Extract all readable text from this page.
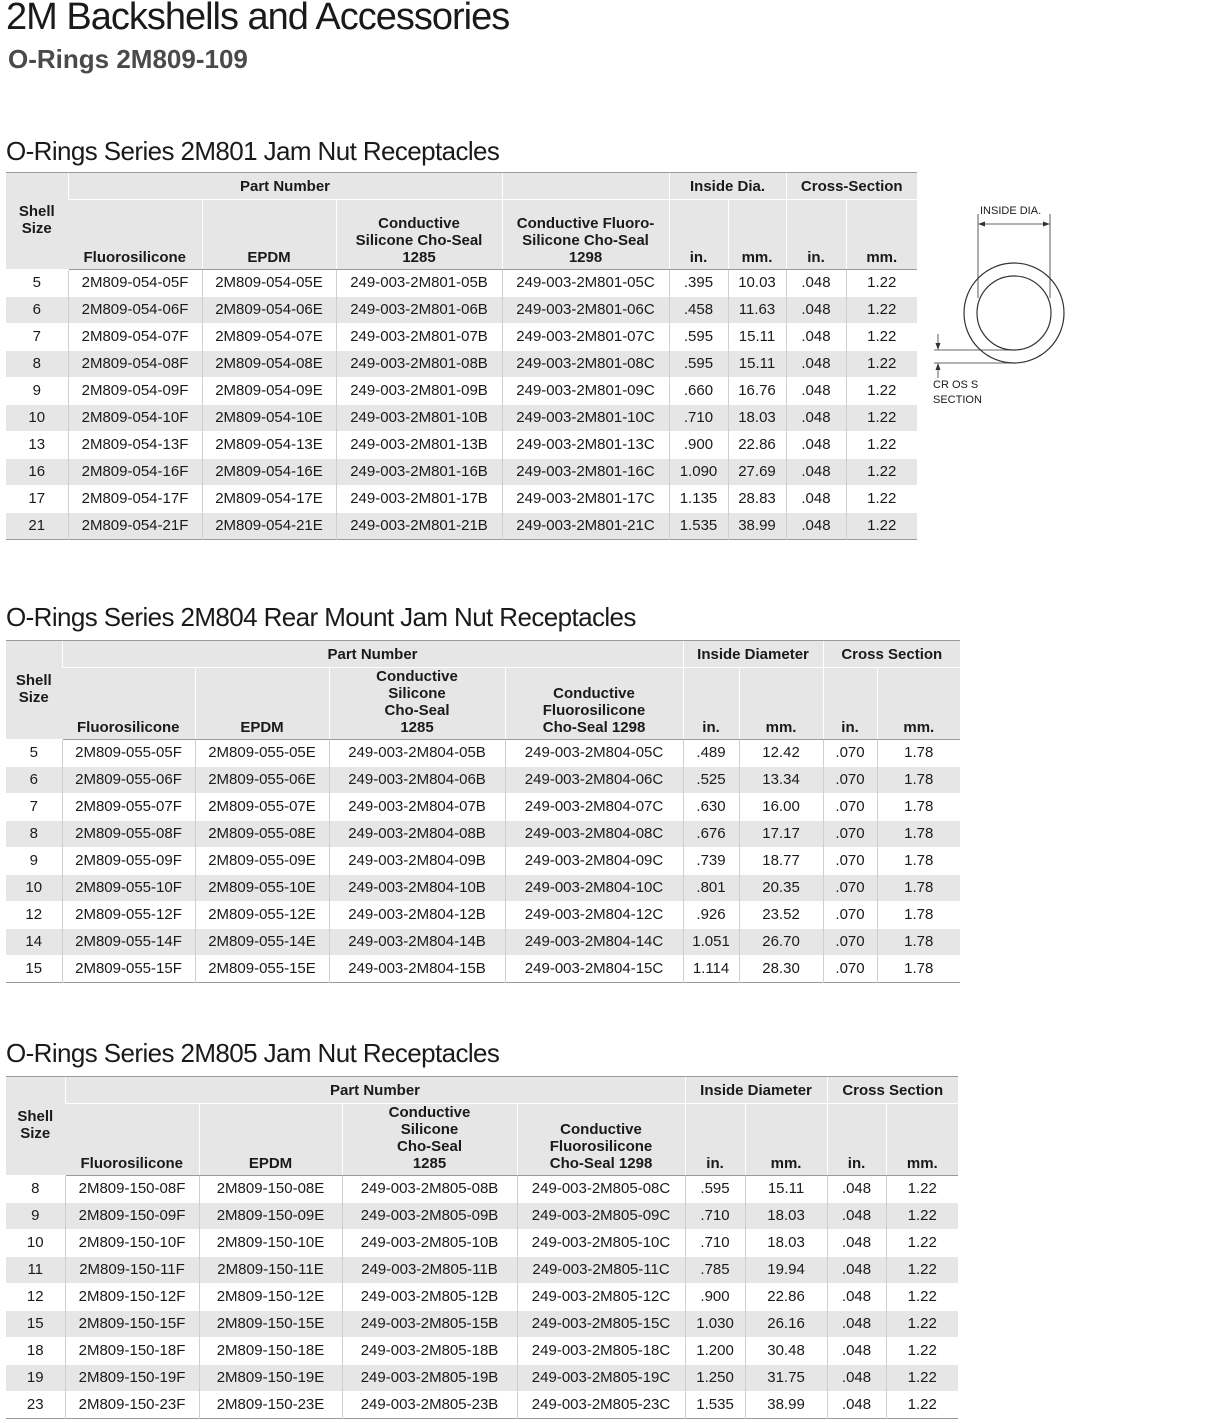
2M Backshells and Accessories
O-Rings 2M809-109
O-Rings Series 2M801 Jam Nut Receptacles
Shell Size	Part Number				Inside Dia.		Cross-Section	
	Fluorosilicone	EPDM	Conductive Silicone Cho-Seal 1285	Conductive Fluoro-Silicone Cho-Seal 1298	in.	mm.	in.	mm.
5	2M809-054-05F	2M809-054-05E	249-003-2M801-05B	249-003-2M801-05C	.395	10.03	.048	1.22
6	2M809-054-06F	2M809-054-06E	249-003-2M801-06B	249-003-2M801-06C	.458	11.63	.048	1.22
7	2M809-054-07F	2M809-054-07E	249-003-2M801-07B	249-003-2M801-07C	.595	15.11	.048	1.22
8	2M809-054-08F	2M809-054-08E	249-003-2M801-08B	249-003-2M801-08C	.595	15.11	.048	1.22
9	2M809-054-09F	2M809-054-09E	249-003-2M801-09B	249-003-2M801-09C	.660	16.76	.048	1.22
10	2M809-054-10F	2M809-054-10E	249-003-2M801-10B	249-003-2M801-10C	.710	18.03	.048	1.22
13	2M809-054-13F	2M809-054-13E	249-003-2M801-13B	249-003-2M801-13C	.900	22.86	.048	1.22
16	2M809-054-16F	2M809-054-16E	249-003-2M801-16B	249-003-2M801-16C	1.090	27.69	.048	1.22
17	2M809-054-17F	2M809-054-17E	249-003-2M801-17B	249-003-2M801-17C	1.135	28.83	.048	1.22
21	2M809-054-21F	2M809-054-21E	249-003-2M801-21B	249-003-2M801-21C	1.535	38.99	.048	1.22
INSIDE DIA.
CR OS S
SECTION
O-Rings Series 2M804 Rear Mount Jam Nut Receptacles
Shell Size	Part Number				Inside Diameter		Cross Section	
	Fluorosilicone	EPDM	Conductive Silicone Cho-Seal 1285	Conductive Fluorosilicone Cho-Seal 1298	in.	mm.	in.	mm.
5	2M809-055-05F	2M809-055-05E	249-003-2M804-05B	249-003-2M804-05C	.489	12.42	.070	1.78
6	2M809-055-06F	2M809-055-06E	249-003-2M804-06B	249-003-2M804-06C	.525	13.34	.070	1.78
7	2M809-055-07F	2M809-055-07E	249-003-2M804-07B	249-003-2M804-07C	.630	16.00	.070	1.78
8	2M809-055-08F	2M809-055-08E	249-003-2M804-08B	249-003-2M804-08C	.676	17.17	.070	1.78
9	2M809-055-09F	2M809-055-09E	249-003-2M804-09B	249-003-2M804-09C	.739	18.77	.070	1.78
10	2M809-055-10F	2M809-055-10E	249-003-2M804-10B	249-003-2M804-10C	.801	20.35	.070	1.78
12	2M809-055-12F	2M809-055-12E	249-003-2M804-12B	249-003-2M804-12C	.926	23.52	.070	1.78
14	2M809-055-14F	2M809-055-14E	249-003-2M804-14B	249-003-2M804-14C	1.051	26.70	.070	1.78
15	2M809-055-15F	2M809-055-15E	249-003-2M804-15B	249-003-2M804-15C	1.114	28.30	.070	1.78
O-Rings Series 2M805 Jam Nut Receptacles
Shell Size	Part Number				Inside Diameter		Cross Section	
	Fluorosilicone	EPDM	Conductive Silicone Cho-Seal 1285	Conductive Fluorosilicone Cho-Seal 1298	in.	mm.	in.	mm.
8	2M809-150-08F	2M809-150-08E	249-003-2M805-08B	249-003-2M805-08C	.595	15.11	.048	1.22
9	2M809-150-09F	2M809-150-09E	249-003-2M805-09B	249-003-2M805-09C	.710	18.03	.048	1.22
10	2M809-150-10F	2M809-150-10E	249-003-2M805-10B	249-003-2M805-10C	.710	18.03	.048	1.22
11	2M809-150-11F	2M809-150-11E	249-003-2M805-11B	249-003-2M805-11C	.785	19.94	.048	1.22
12	2M809-150-12F	2M809-150-12E	249-003-2M805-12B	249-003-2M805-12C	.900	22.86	.048	1.22
15	2M809-150-15F	2M809-150-15E	249-003-2M805-15B	249-003-2M805-15C	1.030	26.16	.048	1.22
18	2M809-150-18F	2M809-150-18E	249-003-2M805-18B	249-003-2M805-18C	1.200	30.48	.048	1.22
19	2M809-150-19F	2M809-150-19E	249-003-2M805-19B	249-003-2M805-19C	1.250	31.75	.048	1.22
23	2M809-150-23F	2M809-150-23E	249-003-2M805-23B	249-003-2M805-23C	1.535	38.99	.048	1.22
